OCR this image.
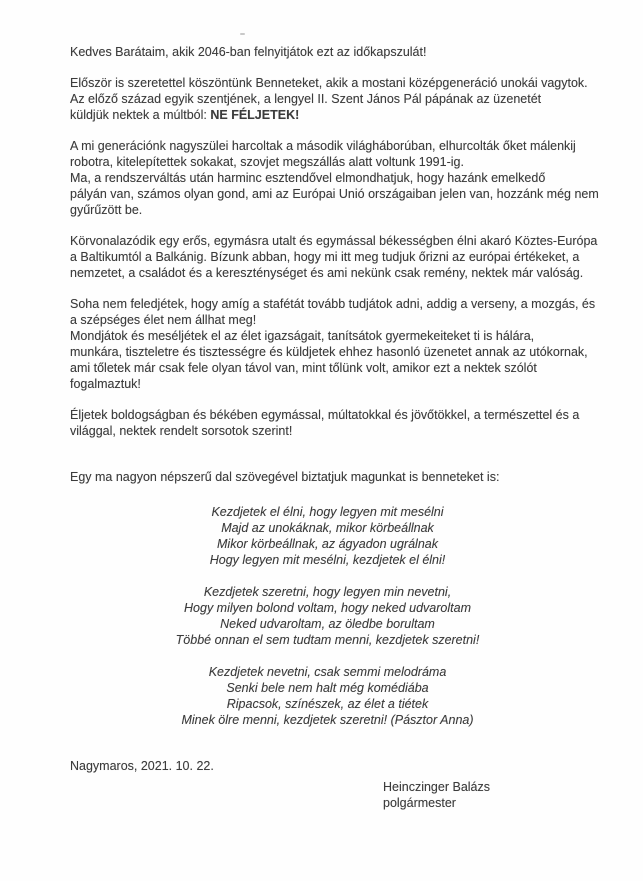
Kedves Barátaim, akik 2046-ban felnyitjátok ezt az időkapszulát!

Először is szeretettel köszöntünk Benneteket, akik a mostani középgeneráció unokái vagytok.
Az előző század egyik szentjének, a lengyel II. Szent János Pál pápának az üzenetét
küldjük nektek a múltból: NE FÉLJETEK!
A mi generációnk nagyszülei harcoltak a második világháborúban, elhurcolták őket málenkij
robotra, kitelepítettek sokakat, szovjet megszállás alatt voltunk 1991-ig.
Ma, a rendszerváltás után harminc esztendővel elmondhatjuk, hogy hazánk emelkedő
pályán van, számos olyan gond, ami az Európai Unió országaiban jelen van, hozzánk még nem
gyűrűzött be.
Körvonalazódik egy erős, egymásra utalt és egymással békességben élni akaró Köztes-Európa
a Baltikumtól a Balkánig. Bízunk abban, hogy mi itt meg tudjuk őrizni az európai értékeket, a
nemzetet, a családot és a kereszténységet és ami nekünk csak remény, nektek már valóság.
Soha nem feledjétek, hogy amíg a stafétát tovább tudjátok adni, addig a verseny, a mozgás, és
a szépséges élet nem állhat meg!
Mondjátok és meséljétek el az élet igazságait, tanítsátok gyermekeiteket ti is hálára,
munkára, tiszteletre és tisztességre és küldjetek ehhez hasonló üzenetet annak az utókornak,
ami tőletek már csak fele olyan távol van, mint tőlünk volt, amikor ezt a nektek szólót
fogalmaztuk!
Éljetek boldogságban és békében egymással, múltatokkal és jövőtökkel, a természettel és a
világgal, nektek rendelt sorsotok szerint!

Egy ma nagyon népszerű dal szövegével biztatjuk magunkat is benneteket is:

Kezdjetek el élni, hogy legyen mit mesélni
Majd az unokáknak, mikor körbeállnak
Mikor körbeállnak, az ágyadon ugrálnak
Hogy legyen mit mesélni, kezdjetek el élni!
Kezdjetek szeretni, hogy legyen min nevetni,
Hogy milyen bolond voltam, hogy neked udvaroltam
Neked udvaroltam, az öledbe borultam
Többé onnan el sem tudtam menni, kezdjetek szeretni!
Kezdjetek nevetni, csak semmi melodráma
Senki bele nem halt még komédiába
Ripacsok, színészek, az élet a tiétek
Minek ölre menni, kezdjetek szeretni! (Pásztor Anna)

Nagymaros, 2021. 10. 22.

Heinczinger Balázs
polgármester
